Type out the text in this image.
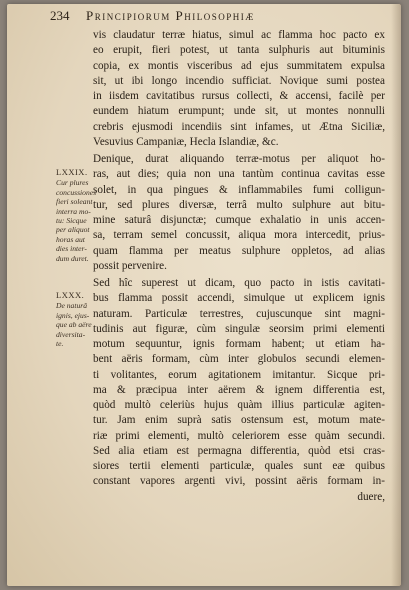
234 Principiorum Philosophiæ
vis claudatur terræ hiatus, simul ac flamma hoc pacto ex
eo erupit, fieri potest, ut tanta sulphuris aut bituminis
copia, ex montis visceribus ad ejus summitatem expulsa
sit, ut ibi longo incendio sufficiat. Novique sumi postea
in iisdem cavitatibus rursus collecti, & accensi, facilè per
eundem hiatum erumpunt; unde sit, ut montes nonnulli
crebris ejusmodi incendiis sint infames, ut Ætna Siciliæ,
Vesuvius Campaniæ, Hecla Islandiæ, &c.
Denique, durat aliquando terræ-motus per aliquot ho-
ras, aut dies; quia non una tantùm continua cavitas esse
solet, in qua pingues & inflammabiles fumi colligun-
tur, sed plures diversæ, terrâ multo sulphure aut bitu-
mine saturâ disjunctæ; cumque exhalatio in unis accen-
sa, terram semel concussit, aliqua mora intercedit, prius-
quam flamma per meatus sulphure oppletos, ad alias
possit pervenire.
Sed hîc superest ut dicam, quo pacto in istis cavitati-
bus flamma possit accendi, simulque ut explicem ignis
naturam. Particulæ terrestres, cujuscunque sint magni-
tudinis aut figuræ, cùm singulæ seorsim primi elementi
motum sequuntur, ignis formam habent; ut etiam ha-
bent aëris formam, cùm inter globulos secundi elemen-
ti volitantes, eorum agitationem imitantur. Sicque pri-
ma & præcipua inter aërem & ignem differentia est,
quòd multò celeriùs hujus quàm illius particulæ agiten-
tur. Jam enim suprà satis ostensum est, motum mate-
riæ primi elementi, multò celeriorem esse quàm secundi.
Sed alia etiam est permagna differentia, quòd etsi cras-
siores tertii elementi particulæ, quales sunt eæ quibus
constant vapores argenti vivi, possint aëris formam in-
duere,
LXXIX.
Cur plures
concussiones
fieri soleant
interra mo-
tu: Sicque
per aliquot
horas aut
dies inter-
dum duret.
LXXX.
De naturâ
ignis, ejus-
que ab aëre
diversita-
te.
